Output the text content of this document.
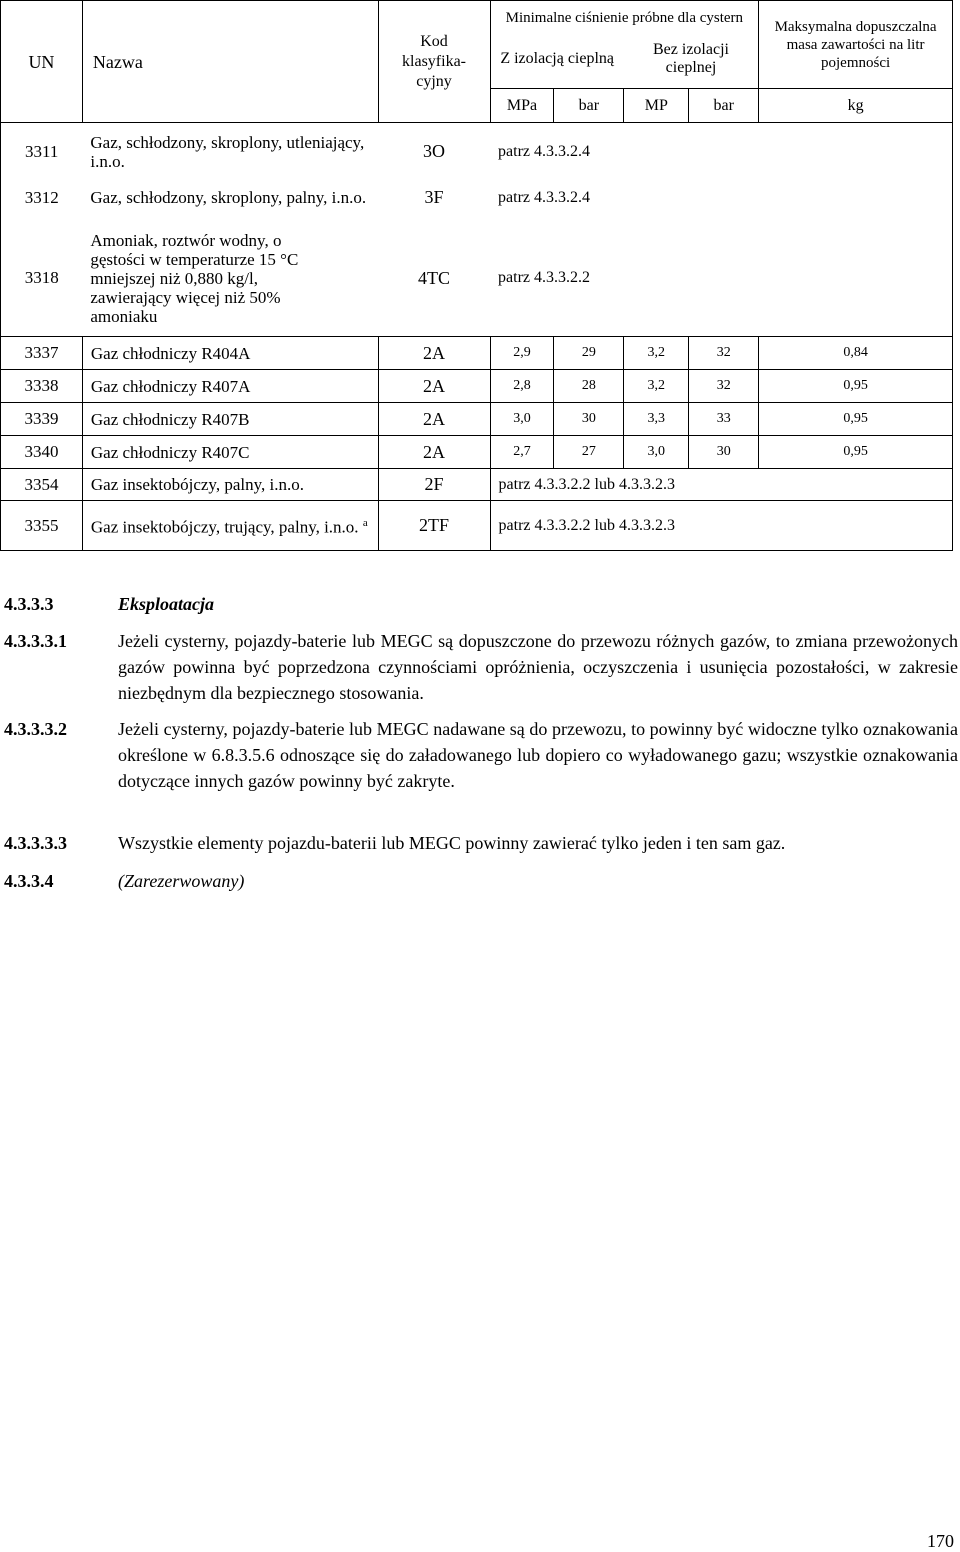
UN	Nazwa	Kod klasyfika-cyjny	Minimalne ciśnienie próbne dla cystern				Maksymalna dopuszczalna masa zawartości na litr pojemności
			Z izolacją cieplną		Bez izolacji cieplnej		
			MPa	bar	MP	bar	kg

3311	Gaz, schłodzony, skroplony, utleniający, i.n.o.	3O	patrz 4.3.3.2.4				
3312	Gaz, schłodzony, skroplony, palny, i.n.o.	3F	patrz 4.3.3.2.4				
3318	Amoniak, roztwór wodny, o gęstości w temperaturze 15 °C mniejszej niż 0,880 kg/l, zawierający więcej niż 50% amoniaku	4TC	patrz 4.3.3.2.2				
3337	Gaz chłodniczy R404A	2A	2,9	29	3,2	32	0,84
3338	Gaz chłodniczy R407A	2A	2,8	28	3,2	32	0,95
3339	Gaz chłodniczy R407B	2A	3,0	30	3,3	33	0,95
3340	Gaz chłodniczy R407C	2A	2,7	27	3,0	30	0,95
3354	Gaz insektobójczy, palny, i.n.o.	2F	patrz 4.3.3.2.2 lub 4.3.3.2.3				
3355	Gaz insektobójczy, trujący, palny, i.n.o. $^a$	2TF	patrz 4.3.3.2.2 lub 4.3.3.2.3				
4.3.3.3	Eksploatacja
4.3.3.3.1	Jeżeli cysterny, pojazdy-baterie lub MEGC są dopuszczone do przewozu różnych gazów, to zmiana przewożonych gazów powinna być poprzedzona czynnościami opróżnienia, oczyszczenia i usunięcia pozostałości, w zakresie niezbędnym dla bezpiecznego stosowania.
4.3.3.3.2	Jeżeli cysterny, pojazdy-baterie lub MEGC nadawane są do przewozu, to powinny być widoczne tylko oznakowania określone w 6.8.3.5.6 odnoszące się do załadowanego lub dopiero co wyładowanego gazu; wszystkie oznakowania dotyczące innych gazów powinny być zakryte.
4.3.3.3.3	Wszystkie elementy pojazdu-baterii lub MEGC powinny zawierać tylko jeden i ten sam gaz.
4.3.3.4	(Zarezerwowany)
170
